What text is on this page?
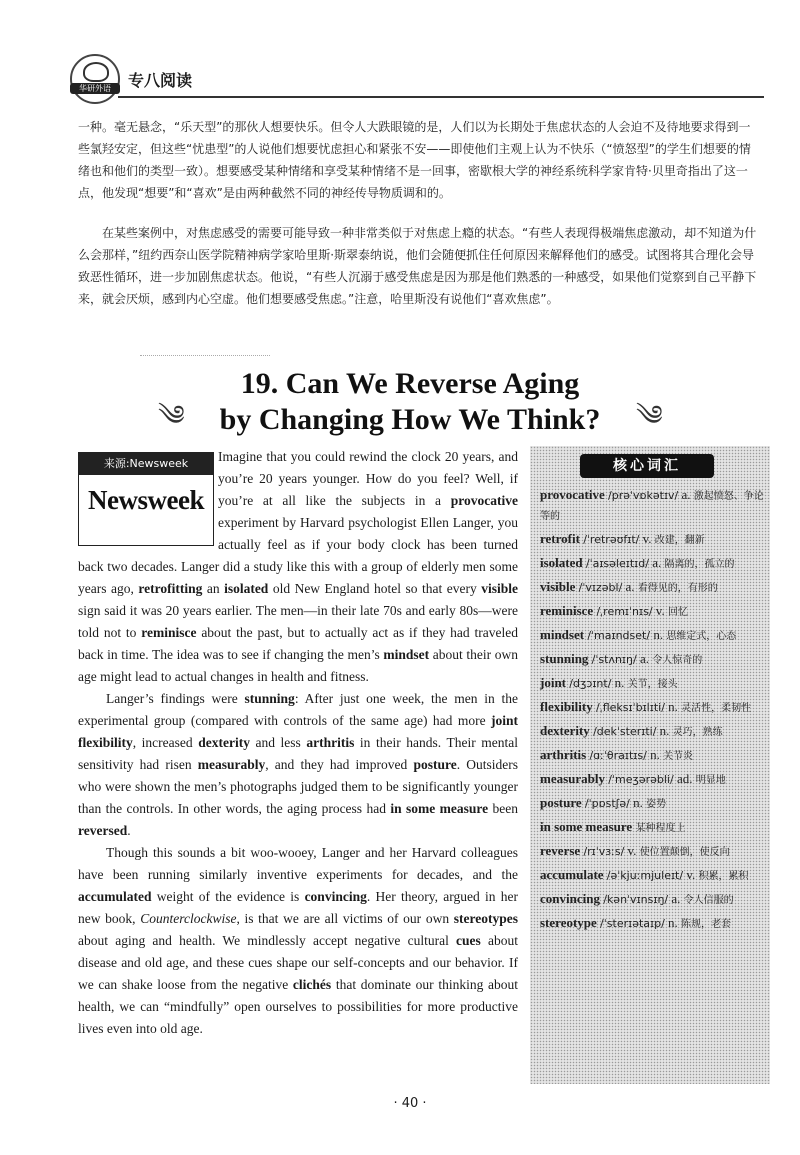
华研外语	专八阅读

一种。毫无悬念，“乐天型”的那伙人想要快乐。但令人大跌眼镜的是，人们以为长期处于焦虑状态的人会迫不及待地要求得到一些氯羟安定，但这些“忧患型”的人说他们想要忧虑担心和紧张不安——即使他们主观上认为不快乐（“愤怒型”的学生们想要的情绪也和他们的类型一致）。想要感受某种情绪和享受某种情绪不是一回事，密歇根大学的神经系统科学家肯特·贝里奇指出了这一点，他发现“想要”和“喜欢”是由两种截然不同的神经传导物质调和的。

在某些案例中，对焦虑感受的需要可能导致一种非常类似于对焦虑上瘾的状态。“有些人表现得极端焦虑激动，却不知道为什么会那样，”纽约西奈山医学院精神病学家哈里斯·斯翠泰纳说，他们会随便抓住任何原因来解释他们的感受。试图将其合理化会导致恶性循环，进一步加剧焦虑状态。他说，“有些人沉溺于感受焦虑是因为那是他们熟悉的一种感受，如果他们觉察到自己平静下来，就会厌烦，感到内心空虚。他们想要感受焦虑。”注意，哈里斯没有说他们“喜欢焦虑”。

༄
19. Can We Reverse Aging
by Changing How We Think?	༄
来源:Newsweek
Newsweek

Imagine that you could rewind the clock 20 years, and you’re 20 years younger. How do you feel? Well, if you’re at all like the subjects in a provocative experiment by Harvard psychologist Ellen Langer, you actually feel as if your body clock has been turned back two decades. Langer did a study like this with a group of elderly men some years ago, retrofitting an isolated old New England hotel so that every visible sign said it was 20 years earlier. The men—in their late 70s and early 80s—were told not to reminisce about the past, but to actually act as if they had traveled back in time. The idea was to see if changing the men’s mindset about their own age might lead to actual changes in health and fitness.

Langer’s findings were stunning: After just one week, the men in the experimental group (compared with controls of the same age) had more joint flexibility, increased dexterity and less arthritis in their hands. Their mental sensitivity had risen measurably, and they had improved posture. Outsiders who were shown the men’s photographs judged them to be significantly younger than the controls. In other words, the aging process had in some measure been reversed.

Though this sounds a bit woo-wooey, Langer and her Harvard colleagues have been running similarly inventive experiments for decades, and the accumulated weight of the evidence is convincing. Her theory, argued in her new book, Counterclockwise, is that we are all victims of our own stereotypes about aging and health. We mindlessly accept negative cultural cues about disease and old age, and these cues shape our self-concepts and our behavior. If we can shake loose from the negative clichés that dominate our thinking about health, we can “mindfully” open ourselves to possibilities for more productive lives even into old age.

核心词汇
provocative /prəˈvɒkətɪv/ a. 激起愤怒、争论等的
retrofit /ˈretrəʊfɪt/ v. 改建，翻新
isolated /ˈaɪsəleɪtɪd/ a. 隔离的，孤立的
visible /ˈvɪzəbl/ a. 看得见的，有形的
reminisce /ˌremɪˈnɪs/ v. 回忆
mindset /ˈmaɪndset/ n. 思维定式，心态
stunning /ˈstʌnɪŋ/ a. 令人惊奇的
joint /dʒɔɪnt/ n. 关节，接头
flexibility /ˌfleksɪˈbɪlɪti/ n. 灵活性，柔韧性
dexterity /dekˈsterɪti/ n. 灵巧，熟练
arthritis /ɑːˈθraɪtɪs/ n. 关节炎
measurably /ˈmeʒərəbli/ ad. 明显地
posture /ˈpɒstʃə/ n. 姿势
in some measure 某种程度上
reverse /rɪˈvɜːs/ v. 使位置颠倒，使反向
accumulate /əˈkjuːmjuleɪt/ v. 积累，累积
convincing /kənˈvɪnsɪŋ/ a. 令人信服的
stereotype /ˈsterɪətaɪp/ n. 陈规，老套
· 40 ·
